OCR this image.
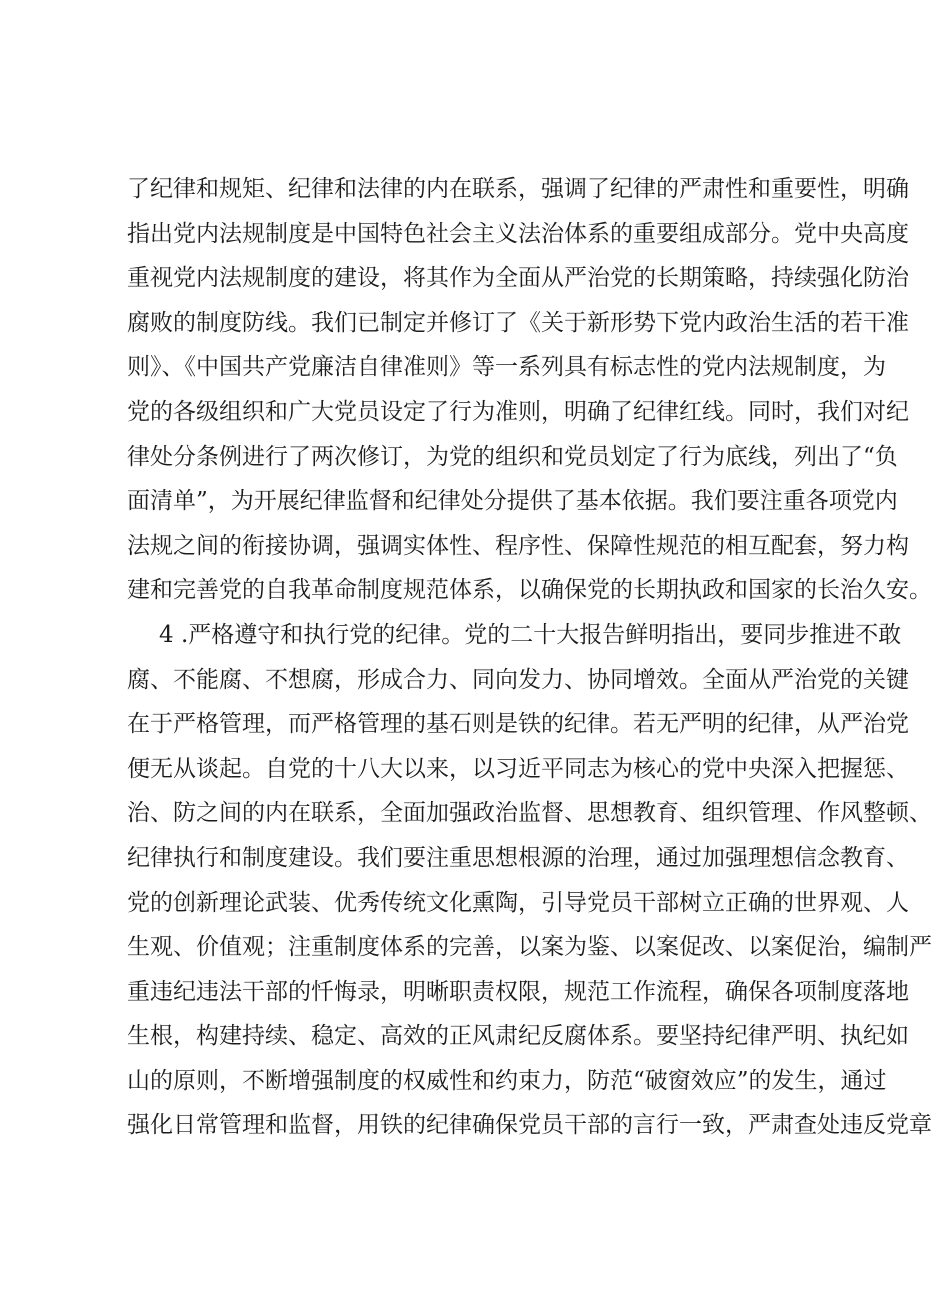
了纪律和规矩、纪律和法律的内在联系，强调了纪律的严肃性和重要性，明确
指出党内法规制度是中国特色社会主义法治体系的重要组成部分。党中央高度
重视党内法规制度的建设，将其作为全面从严治党的长期策略，持续强化防治
腐败的制度防线。我们已制定并修订了《关于新形势下党内政治生活的若干准
则》、《中国共产党廉洁自律准则》等一系列具有标志性的党内法规制度，为
党的各级组织和广大党员设定了行为准则，明确了纪律红线。同时，我们对纪
律处分条例进行了两次修订，为党的组织和党员划定了行为底线，列出了“负
面清单”，为开展纪律监督和纪律处分提供了基本依据。我们要注重各项党内
法规之间的衔接协调，强调实体性、程序性、保障性规范的相互配套，努力构
建和完善党的自我革命制度规范体系，以确保党的长期执政和国家的长治久安。
4 .严格遵守和执行党的纪律。党的二十大报告鲜明指出，要同步推进不敢
腐、不能腐、不想腐，形成合力、同向发力、协同增效。全面从严治党的关键
在于严格管理，而严格管理的基石则是铁的纪律。若无严明的纪律，从严治党
便无从谈起。自党的十八大以来，以习近平同志为核心的党中央深入把握惩、
治、防之间的内在联系，全面加强政治监督、思想教育、组织管理、作风整顿、
纪律执行和制度建设。我们要注重思想根源的治理，通过加强理想信念教育、
党的创新理论武装、优秀传统文化熏陶，引导党员干部树立正确的世界观、人
生观、价值观；注重制度体系的完善，以案为鉴、以案促改、以案促治，编制严
重违纪违法干部的忏悔录，明晰职责权限，规范工作流程，确保各项制度落地
生根，构建持续、稳定、高效的正风肃纪反腐体系。要坚持纪律严明、执纪如
山的原则，不断增强制度的权威性和约束力，防范“破窗效应”的发生，通过
强化日常管理和监督，用铁的纪律确保党员干部的言行一致，严肃查处违反党章
